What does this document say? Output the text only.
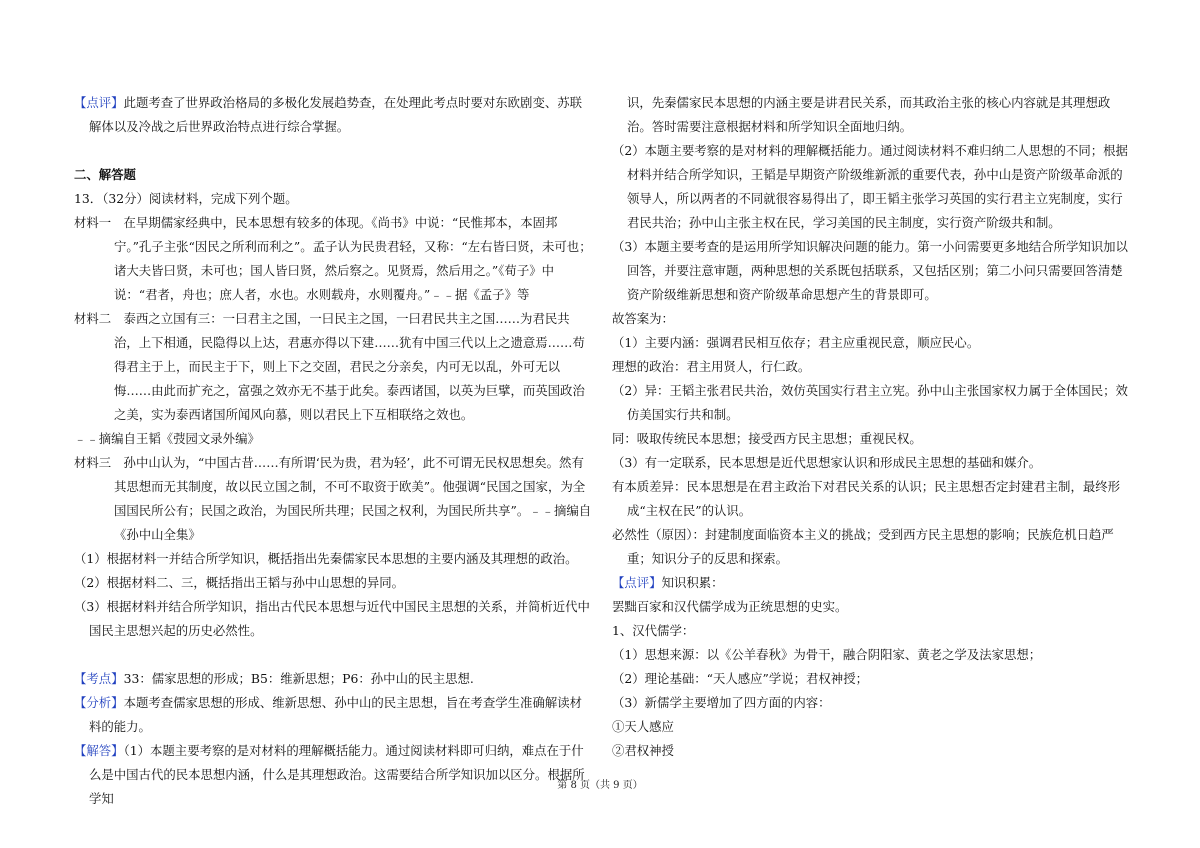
【点评】此题考查了世界政治格局的多极化发展趋势查，在处理此考点时要对东欧剧变、苏联解体以及冷战之后世界政治特点进行综合掌握。

二、解答题

13．（32分）阅读材料，完成下列个题。

材料一　在早期儒家经典中，民本思想有较多的体现。《尚书》中说：“民惟邦本，本固邦宁。”孔子主张“因民之所利而利之”。孟子认为民贵君轻，又称：“左右皆曰贤，未可也；诸大夫皆曰贤，未可也；国人皆曰贤，然后察之。见贤焉，然后用之。”《荀子》中说：“君者，舟也；庶人者，水也。水则载舟，水则覆舟。”﹣﹣据《孟子》等

材料二　泰西之立国有三：一曰君主之国，一曰民主之国，一曰君民共主之国……为君民共治，上下相通，民隐得以上达，君惠亦得以下建……犹有中国三代以上之遗意焉……苟得君主于上，而民主于下，则上下之交固，君民之分亲矣，内可无以乱，外可无以悔……由此而扩充之，富强之效亦无不基于此矣。泰西诸国，以英为巨擘，而英国政治之美，实为泰西诸国所闻风向慕，则以君民上下互相联络之效也。

﹣﹣摘编自王韬《弢园文录外编》

材料三　孙中山认为，“中国古昔……有所谓‘民为贵，君为轻’，此不可谓无民权思想矣。然有其思想而无其制度，故以民立国之制，不可不取资于欧美”。他强调“民国之国家，为全国国民所公有；民国之政治，为国民所共理；民国之权利，为国民所共享”。﹣﹣摘编自《孙中山全集》

（1）根据材料一并结合所学知识，概括指出先秦儒家民本思想的主要内涵及其理想的政治。

（2）根据材料二、三，概括指出王韬与孙中山思想的异同。

（3）根据材料并结合所学知识，指出古代民本思想与近代中国民主思想的关系，并简析近代中国民主思想兴起的历史必然性。

【考点】33：儒家思想的形成；B5：维新思想；P6：孙中山的民主思想.

【分析】本题考查儒家思想的形成、维新思想、孙中山的民主思想，旨在考查学生准确解读材料的能力。

【解答】（1）本题主要考察的是对材料的理解概括能力。通过阅读材料即可归纳，难点在于什么是中国古代的民本思想内涵，什么是其理想政治。这需要结合所学知识加以区分。根据所学知

识，先秦儒家民本思想的内涵主要是讲君民关系，而其政治主张的核心内容就是其理想政治。答时需要注意根据材料和所学知识全面地归纳。

（2）本题主要考察的是对材料的理解概括能力。通过阅读材料不难归纳二人思想的不同；根据材料并结合所学知识，王韬是早期资产阶级维新派的重要代表，孙中山是资产阶级革命派的领导人，所以两者的不同就很容易得出了，即王韬主张学习英国的实行君主立宪制度，实行君民共治；孙中山主张主权在民，学习美国的民主制度，实行资产阶级共和制。

（3）本题主要考查的是运用所学知识解决问题的能力。第一小问需要更多地结合所学知识加以回答，并要注意审题，两种思想的关系既包括联系，又包括区别；第二小问只需要回答清楚资产阶级维新思想和资产阶级革命思想产生的背景即可。

故答案为：

（1）主要内涵：强调君民相互依存；君主应重视民意，顺应民心。

理想的政治：君主用贤人，行仁政。

（2）异：王韬主张君民共治，效仿英国实行君主立宪。孙中山主张国家权力属于全体国民；效仿美国实行共和制。

同：吸取传统民本思想；接受西方民主思想；重视民权。

（3）有一定联系，民本思想是近代思想家认识和形成民主思想的基础和媒介。

有本质差异：民本思想是在君主政治下对君民关系的认识；民主思想否定封建君主制，最终形成“主权在民”的认识。

必然性（原因）：封建制度面临资本主义的挑战；受到西方民主思想的影响；民族危机日趋严重；知识分子的反思和探索。

【点评】知识积累：

罢黜百家和汉代儒学成为正统思想的史实。

1、汉代儒学：

（1）思想来源：以《公羊春秋》为骨干，融合阴阳家、黄老之学及法家思想；

（2）理论基础：“天人感应”学说；君权神授；

（3）新儒学主要增加了四方面的内容：

①天人感应

②君权神授

第 8 页（共 9 页）
